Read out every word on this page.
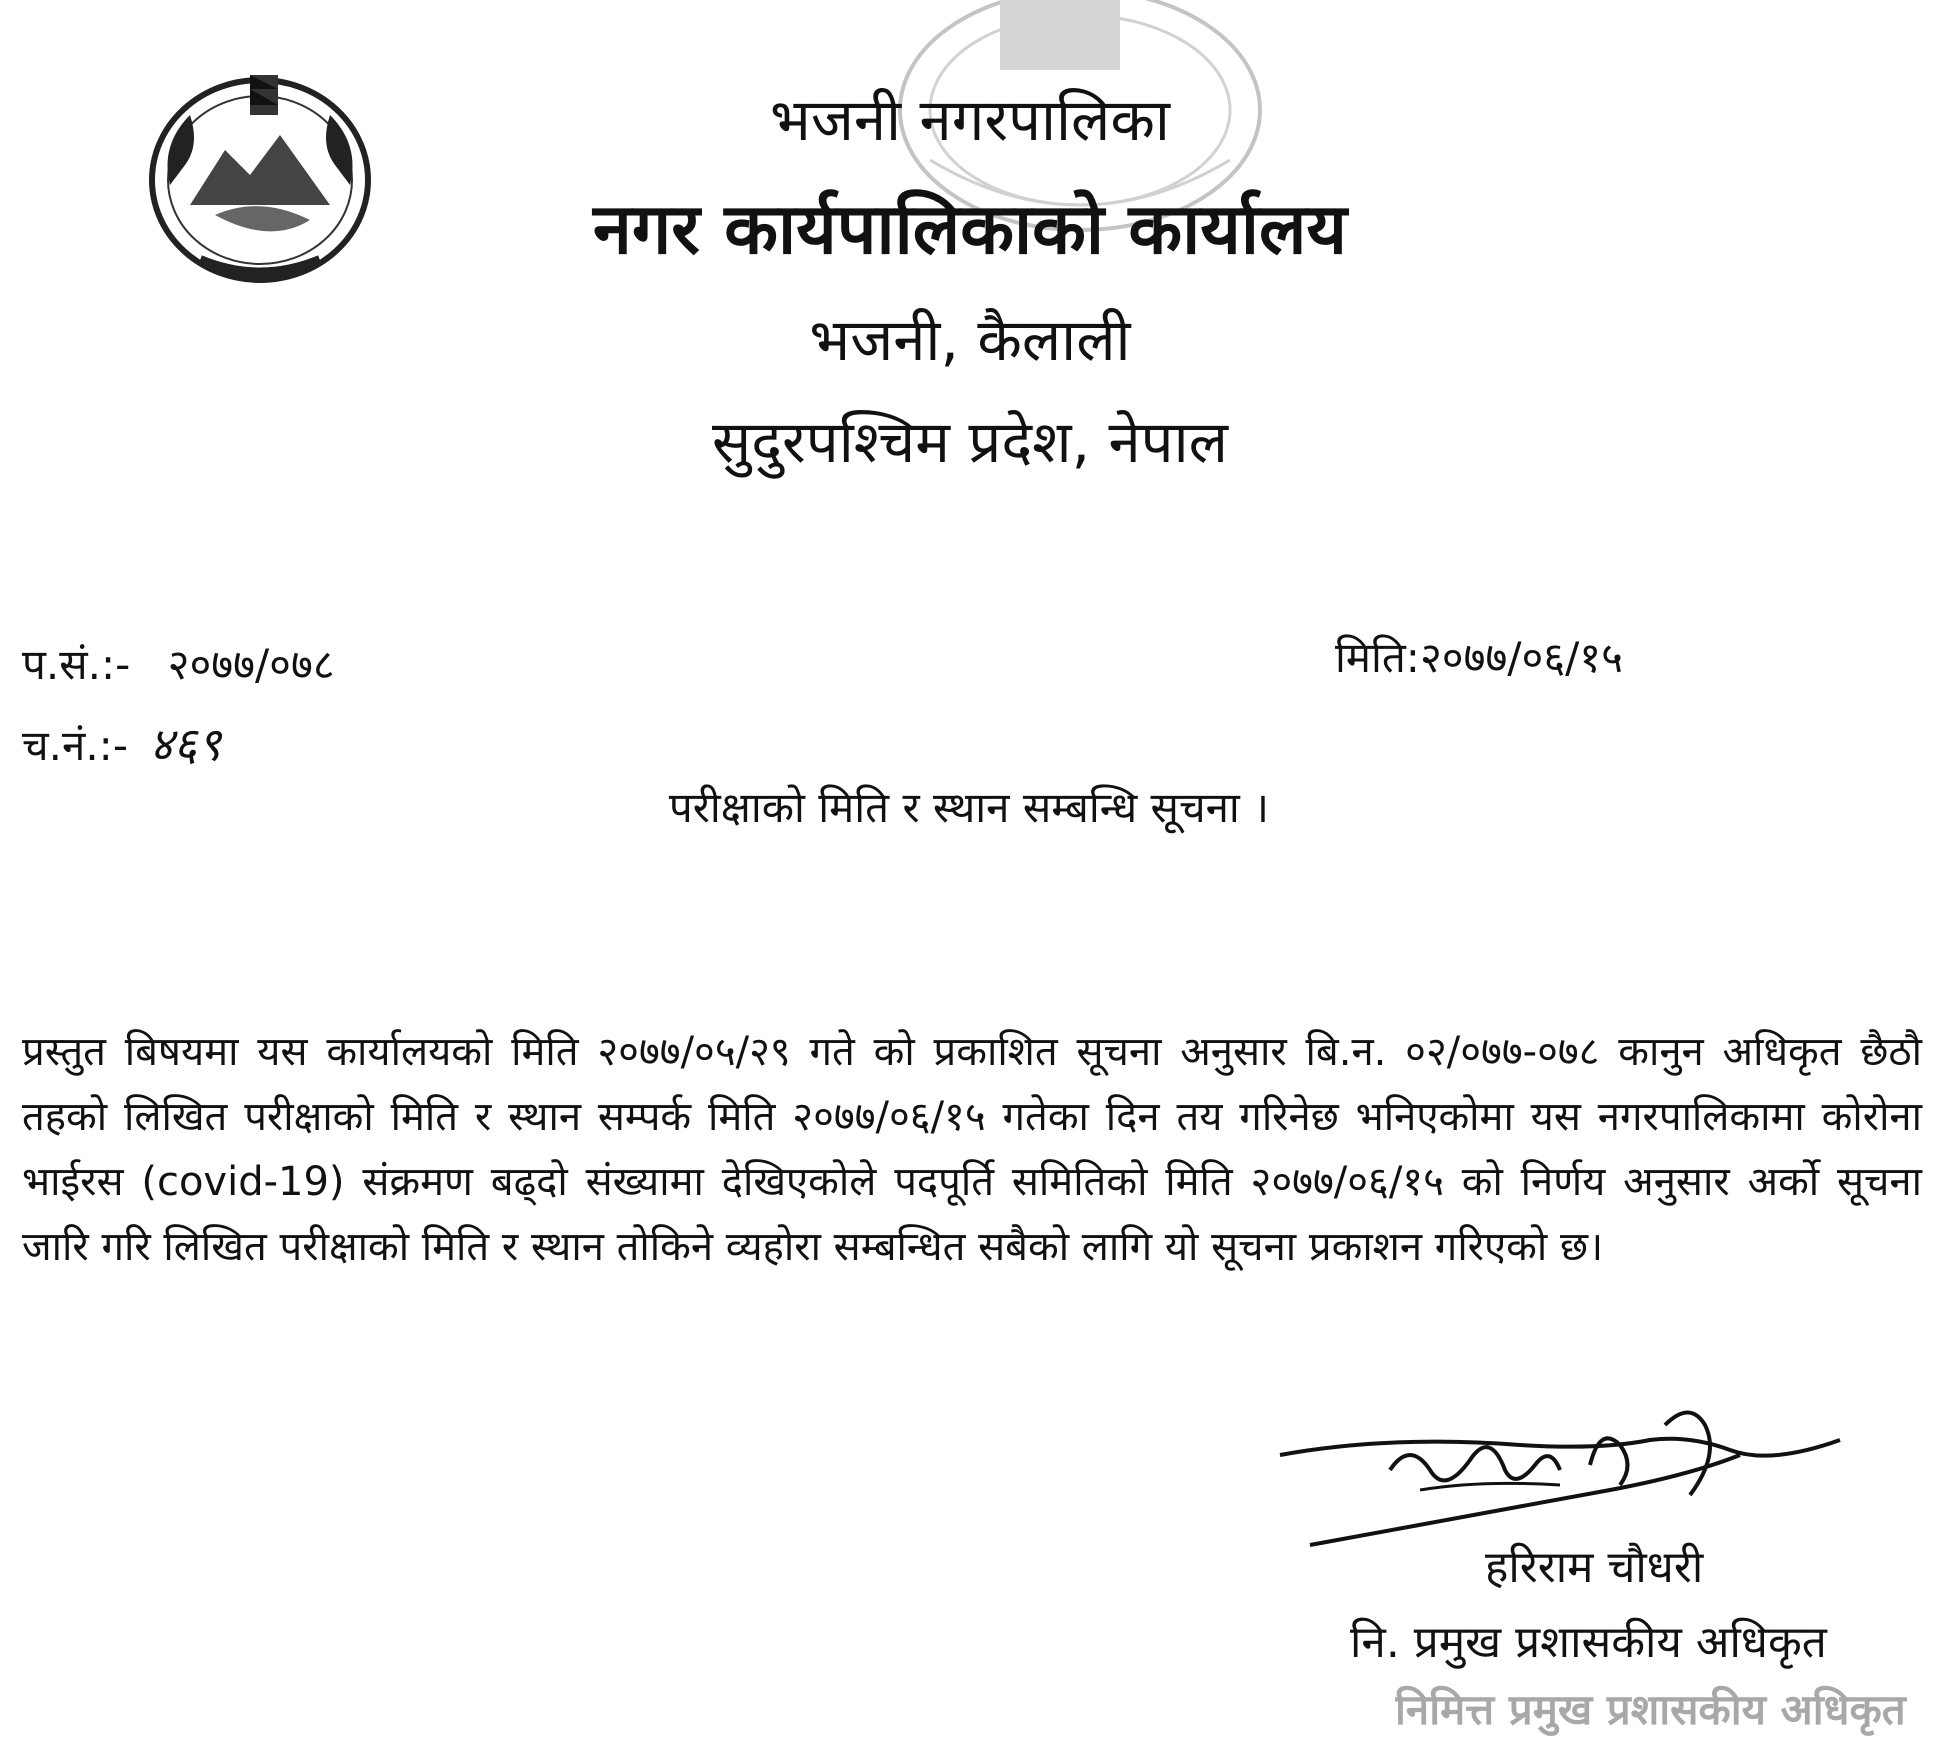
भजनी नगरपालिका
नगर कार्यपालिकाको कार्यालय
भजनी, कैलाली
सुदुरपश्चिम प्रदेश, नेपाल
प.सं.:- २०७७/०७८
च.नं.:- ४६९
मिति:२०७७/०६/१५
परीक्षाको मिति र स्थान सम्बन्धि सूचना ।
प्रस्तुत बिषयमा यस कार्यालयको मिति २०७७/०५/२९ गते को प्रकाशित सूचना अनुसार बि.न. ०२/०७७-०७८ कानुन अधिकृत छैठौ तहको लिखित परीक्षाको मिति र स्थान सम्पर्क मिति २०७७/०६/१५ गतेका दिन तय गरिनेछ भनिएकोमा यस नगरपालिकामा कोरोना भाईरस (covid-19) संक्रमण बढ्दो संख्यामा देखिएकोले पदपूर्ति समितिको मिति २०७७/०६/१५ को निर्णय अनुसार अर्को सूचना जारि गरि लिखित परीक्षाको मिति र स्थान तोकिने व्यहोरा सम्बन्धित सबैको लागि यो सूचना प्रकाशन गरिएको छ।
हरिराम चौधरी
नि. प्रमुख प्रशासकीय अधिकृत
निमित्त प्रमुख प्रशासकीय अधिकृत
